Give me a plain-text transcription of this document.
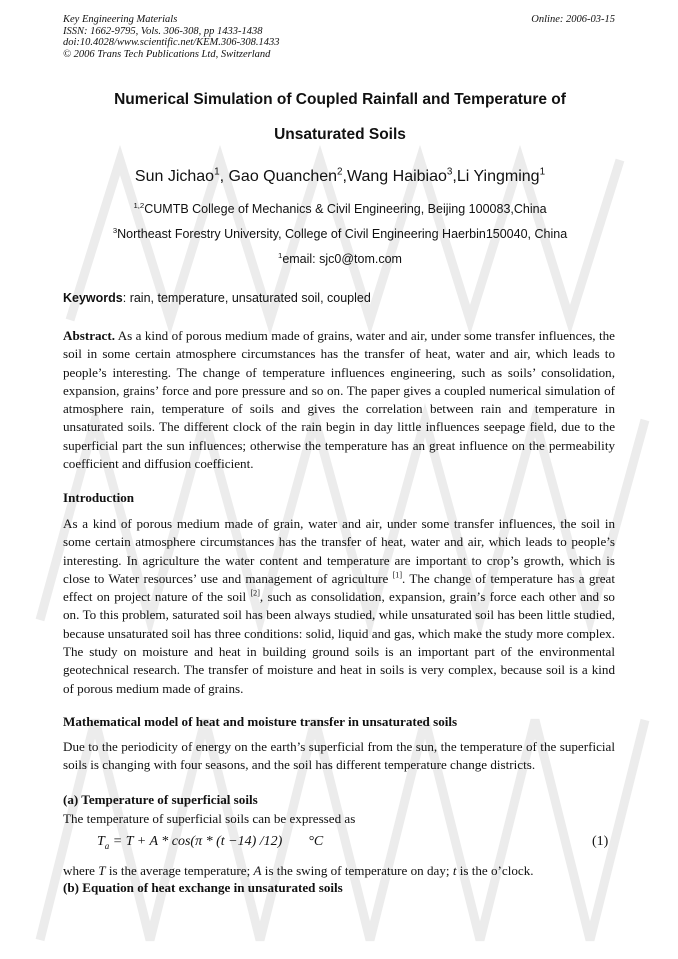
Key Engineering Materials
ISSN: 1662-9795, Vols. 306-308, pp 1433-1438
doi:10.4028/www.scientific.net/KEM.306-308.1433
© 2006 Trans Tech Publications Ltd, Switzerland
Online: 2006-03-15
Numerical Simulation of Coupled Rainfall and Temperature of
Unsaturated Soils
Sun Jichao$^1$, Gao Quanchen$^2$,Wang Haibiao$^3$,Li Yingming$^1$
$^{1,2}$CUMTB College of Mechanics & Civil Engineering, Beijing 100083,China
$^3$Northeast Forestry University, College of Civil Engineering Haerbin150040, China
$^1$email: sjc0@tom.com
Keywords: rain, temperature, unsaturated soil, coupled
Abstract. As a kind of porous medium made of grains, water and air, under some transfer influences, the soil in some certain atmosphere circumstances has the transfer of heat, water and air, which leads to people’s interesting. The change of temperature influences engineering, such as soils’ consolidation, expansion, grains’ force and pore pressure and so on. The paper gives a coupled numerical simulation of atmosphere rain, temperature of soils and gives the correlation between rain and temperature in unsaturated soils. The different clock of the rain begin in day little influences seepage field, due to the superficial part the sun influences; otherwise the temperature has an great influence on the permeability coefficient and diffusion coefficient.
Introduction
As a kind of porous medium made of grain, water and air, under some transfer influences, the soil in some certain atmosphere circumstances has the transfer of heat, water and air, which leads to people’s interesting. In agriculture the water content and temperature are important to crop’s growth, which is close to Water resources’ use and management of agriculture [1]. The change of temperature has a great effect on project nature of the soil [2], such as consolidation, expansion, grain’s force each other and so on. To this problem, saturated soil has been always studied, while unsaturated soil has been little studied, because unsaturated soil has three conditions: solid, liquid and gas, which make the study more complex. The study on moisture and heat in building ground soils is an important part of the environmental geotechnical research. The transfer of moisture and heat in soils is very complex, because soil is a kind of porous medium made of grains.
Mathematical model of heat and moisture transfer in unsaturated soils
Due to the periodicity of energy on the earth’s superficial from the sun, the temperature of the superficial soils is changing with four seasons, and the soil has different temperature change districts.
(a) Temperature of superficial soils
The temperature of superficial soils can be expressed as
$T_a = T + A * \cos(\pi * (t -14)$ /12) °C	(1)
where T is the average temperature; A is the swing of temperature on day; t is the o’clock.
(b) Equation of heat exchange in unsaturated soils
